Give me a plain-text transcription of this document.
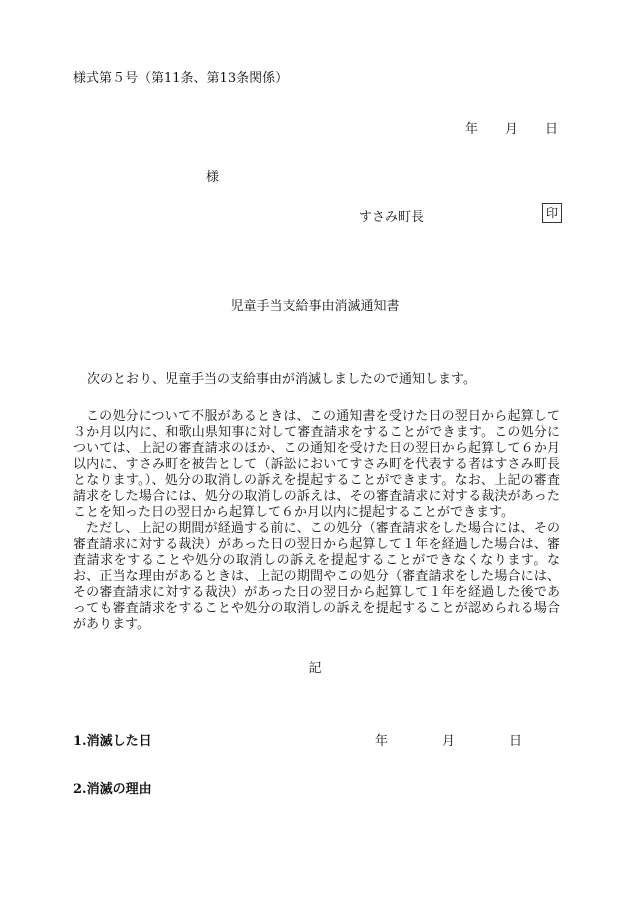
様式第５号（第11条、第13条関係）
年 月 日
様
すさみ町長	印
児童手当支給事由消滅通知書
次のとおり、児童手当の支給事由が消滅しましたので通知します。

この処分について不服があるときは、この通知書を受けた日の翌日から起算して３か月以内に、和歌山県知事に対して審査請求をすることができます。この処分については、上記の審査請求のほか、この通知を受けた日の翌日から起算して６か月以内に、すさみ町を被告として（訴訟においてすさみ町を代表する者はすさみ町長となります。）、処分の取消しの訴えを提起することができます。なお、上記の審査請求をした場合には、処分の取消しの訴えは、その審査請求に対する裁決があったことを知った日の翌日から起算して６か月以内に提起することができます。

ただし、上記の期間が経過する前に、この処分（審査請求をした場合には、その審査請求に対する裁決）があった日の翌日から起算して１年を経過した場合は、審査請求をすることや処分の取消しの訴えを提起することができなくなります。なお、正当な理由があるときは、上記の期間やこの処分（審査請求をした場合には、その審査請求に対する裁決）があった日の翌日から起算して１年を経過した後であっても審査請求をすることや処分の取消しの訴えを提起することが認められる場合があります。

記
1.消滅した日	年	月	日
2.消滅の理由
